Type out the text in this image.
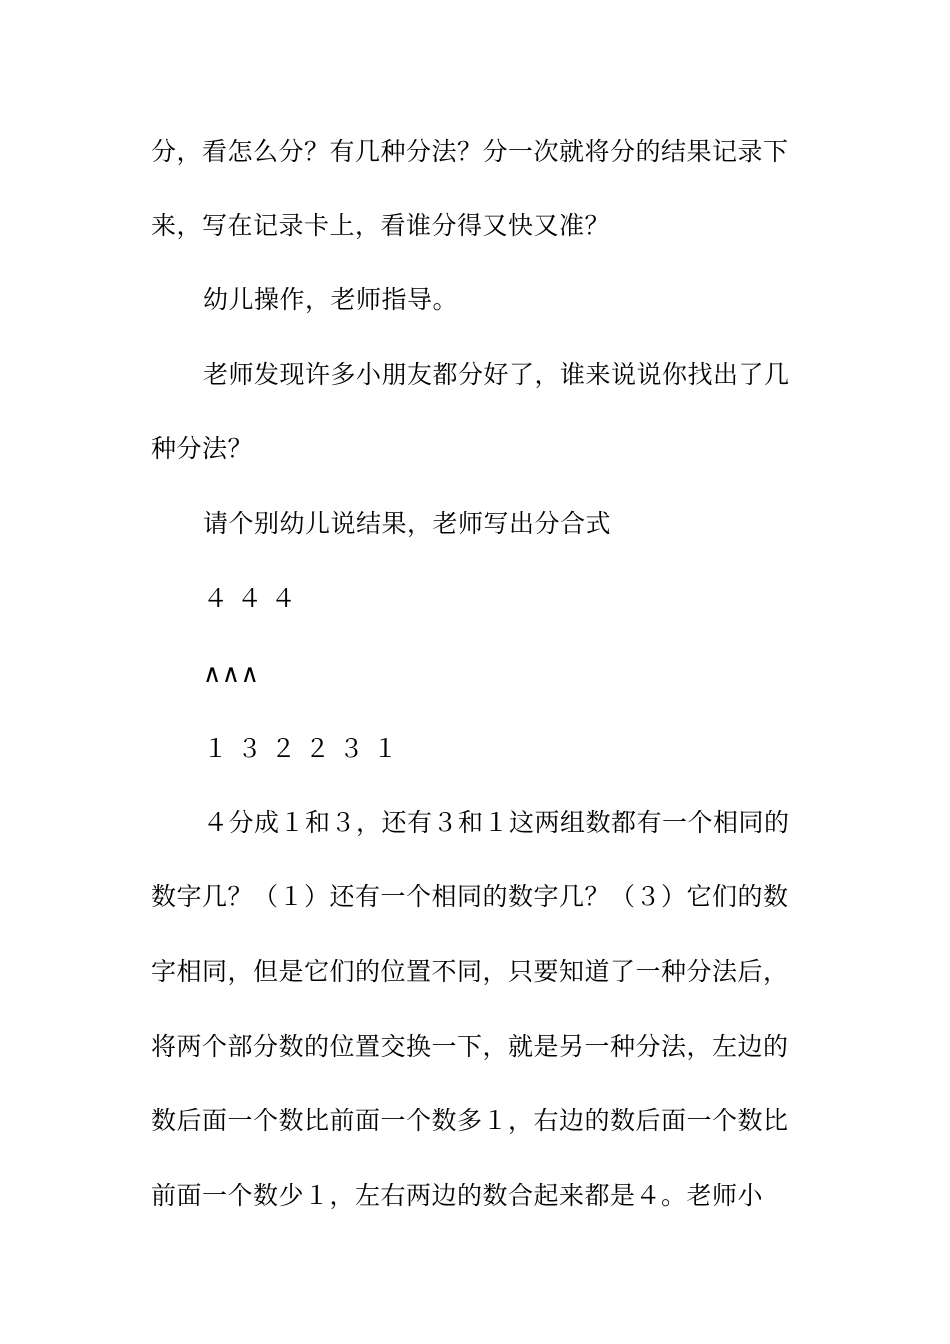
分，看怎么分？有几种分法？分一次就将分的结果记录下
来，写在记录卡上，看谁分得又快又准？
幼儿操作，老师指导。
老师发现许多小朋友都分好了，谁来说说你找出了几
种分法？
请个别幼儿说结果，老师写出分合式
４ ４ ４
∧∧∧
１ ３ ２ ２ ３ １
４分成１和３，还有３和１这两组数都有一个相同的
数字几？（１）还有一个相同的数字几？（３）它们的数
字相同，但是它们的位置不同，只要知道了一种分法后，
将两个部分数的位置交换一下，就是另一种分法，左边的
数后面一个数比前面一个数多１，右边的数后面一个数比
前面一个数少１，左右两边的数合起来都是４。老师小
